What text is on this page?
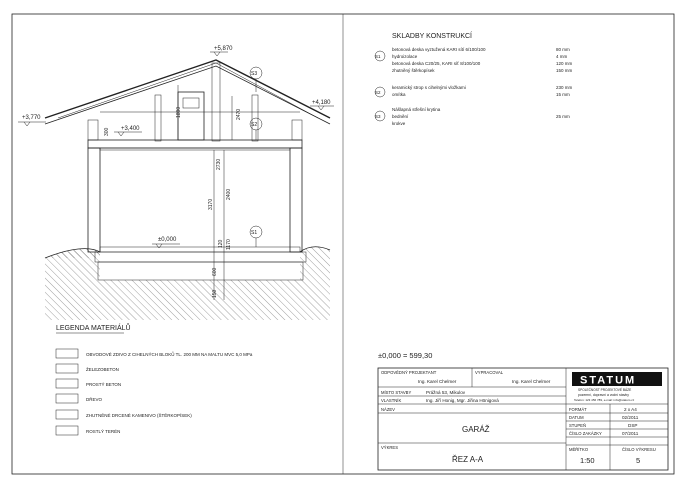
1890	2470
2730
3170
2400
1170
600
120
150
300
+5,870
+3,770
+4,180
+3,400
±0,000
S3
S2
S1
SKLADBY KONSTRUKCÍ
S1
betonová deska vyztužená KARI sítí 6/100/100	80 mm
hydroizolace	4 mm
betonová deska C20/25, KARI síť 8/100/100	120 mm
zhutněný štěrkopísek	150 mm
S2
keramický strop s cihelnými vložkami	230 mm
omítka	15 mm
S3
Nášlapná střešní krytina
bednění	25 mm
krokve
LEGENDA MATERIÁLŮ
OBVODOVÉ ZDIVO Z CIHELNÝCH BLOKŮ TL. 200 MM NA MALTU MVC 5,0 MPa
ŽELEZOBETON
PROSTÝ BETON
DŘEVO
ZHUTNĚNÉ DRCENÉ KAMENIVO (ŠTĚRKOPÍSEK)
ROSTLÝ TERÉN
±0,000 = 599,30
ODPOVĚDNÝ PROJEKTANT
Ing. Karel Chelmer
VYPRACOVAL
Ing. Karel Chelmer
MÍSTO STAVBY	Prážná 53, Mikulov
VLASTNÍK	Ing. Jiří Honig, Mgr. Jiřina Hönigová
NÁZEV
GARÁŽ
VÝKRES
ŘEZ A-A
STATUM
SPOLEČNOST PROJEKTOVÉ BÁZE
pozemní, dopravní a vodní stavby
Telefon: 123 456 789, e-mail: info@statum.cz
FORMÁT	2 x A4
DATUM	02/2011
STUPEŇ	DSP
ČÍSLO ZAKÁZKY	07/2011
MĚŘÍTKO
1:50
ČÍSLO VÝKRESU
5
